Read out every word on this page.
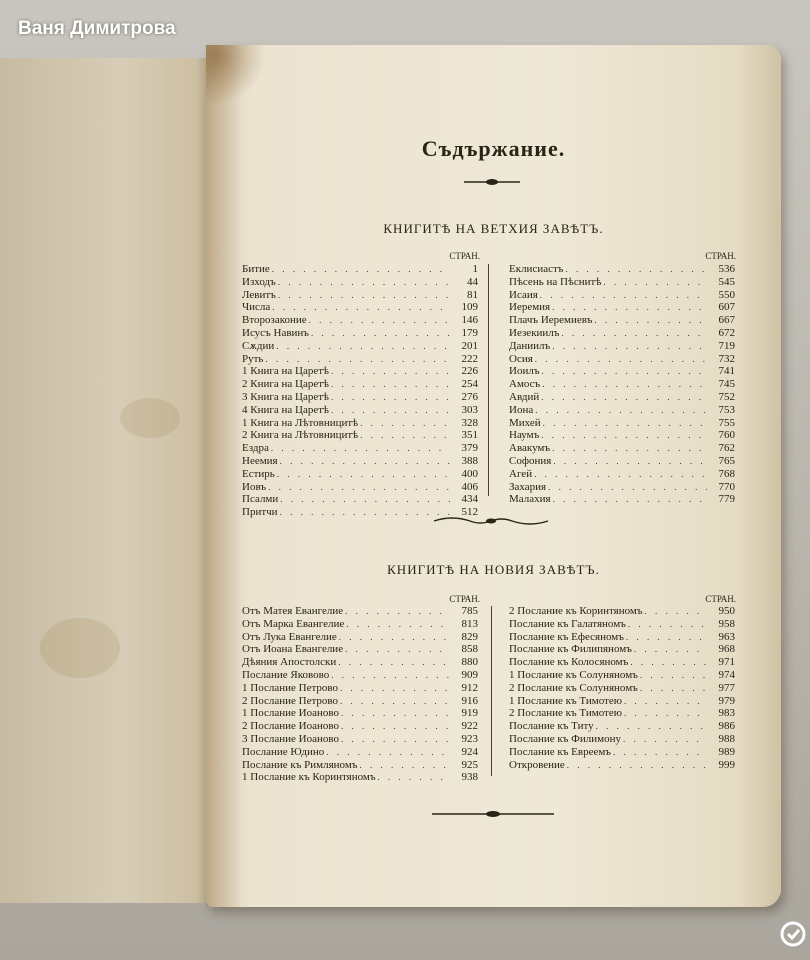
Съдържание.
КНИГИТѢ НА ВЕТХИЯ ЗАВѢТЪ.
СТРАН.	СТРАН.
Битие . . .	1
Изходъ . . .	44
Левитъ . . .	81
Числа . . .	109
Второзаконие . . .	146
Исусъ Навинъ . . .	179
Сѫдии . . .	201
Руть . . .	222
1 Книга на Царетѣ . . .	226
2 Книга на Царетѣ . . .	254
3 Книга на Царетѣ . . .	276
4 Книга на Царетѣ . . .	303
1 Книга на Лѣтовницитѣ . . .	328
2 Книга на Лѣтовницитѣ . . .	351
Ездра . . .	379
Неемия . . .	388
Естирь . . .	400
Иовъ . . .	406
Псалми . . .	434
Притчи . . .	512
Еклисиастъ . . .	536
Пѣсень на Пѣснитѣ . . .	545
Исаия . . .	550
Иеремия . . .	607
Плачъ Иеремиевъ . . .	667
Иезекиилъ . . .	672
Даниилъ . . .	719
Осия . . .	732
Иоилъ . . .	741
Амосъ . . .	745
Авдий . . .	752
Иона . . .	753
Михей . . .	755
Наумъ . . .	760
Авакумъ . . .	762
Софония . . .	765
Агей . . .	768
Захария . . .	770
Малахия . . .	779
КНИГИТѢ НА НОВИЯ ЗАВѢТЪ.
СТРАН.	СТРАН.
Отъ Матея Евангелие . . .	785
Отъ Марка Евангелие . . .	813
Отъ Лука Евангелие . . .	829
Отъ Иоана Евангелие . . .	858
Дѣяния Апостолски . . .	880
Послание Яковово . . .	909
1 Послание Петрово . . .	912
2 Послание Петрово . . .	916
1 Послание Иоаново . . .	919
2 Послание Иоаново . . .	922
3 Послание Иоаново . . .	923
Послание Юдино . . .	924
Послание къ Римляномъ . . .	925
1 Послание къ Коринтяномъ . . .	938
2 Послание къ Коринтяномъ . . .	950
Послание къ Галатяномъ . . .	958
Послание къ Ефесяномъ . . .	963
Послание къ Филипяномъ . . .	968
Послание къ Колосяномъ . . .	971
1 Послание къ Солуняномъ . . .	974
2 Послание къ Солуняномъ . . .	977
1 Послание къ Тимотею . . .	979
2 Послание къ Тимотею . . .	983
Послание къ Титу . . .	986
Послание къ Филимону . . .	988
Послание къ Евреемъ . . .	989
Откровение . . .	999
Ваня Димитрова
